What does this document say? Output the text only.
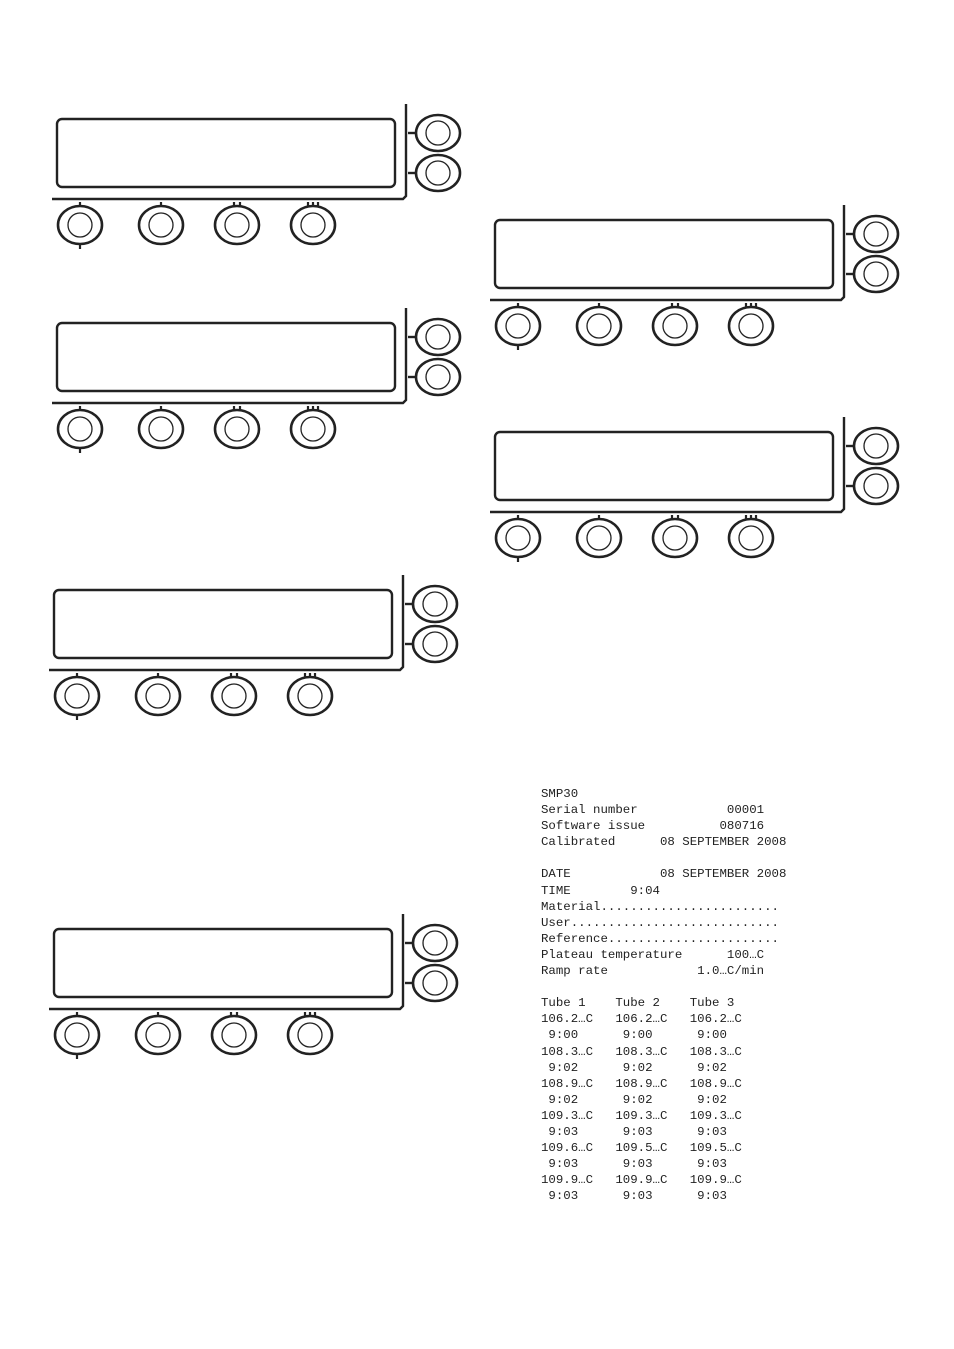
SMP30
Serial number            00001
Software issue          080716
Calibrated      08 SEPTEMBER 2008

DATE            08 SEPTEMBER 2008
TIME        9:04
Material........................
User............................
Reference.......................
Plateau temperature      100…C
Ramp rate            1.0…C/min

Tube 1    Tube 2    Tube 3
106.2…C   106.2…C   106.2…C
9:00      9:00      9:00
108.3…C   108.3…C   108.3…C
9:02      9:02      9:02
108.9…C   108.9…C   108.9…C
9:02      9:02      9:02
109.3…C   109.3…C   109.3…C
9:03      9:03      9:03
109.6…C   109.5…C   109.5…C
9:03      9:03      9:03
109.9…C   109.9…C   109.9…C
9:03      9:03      9:03
